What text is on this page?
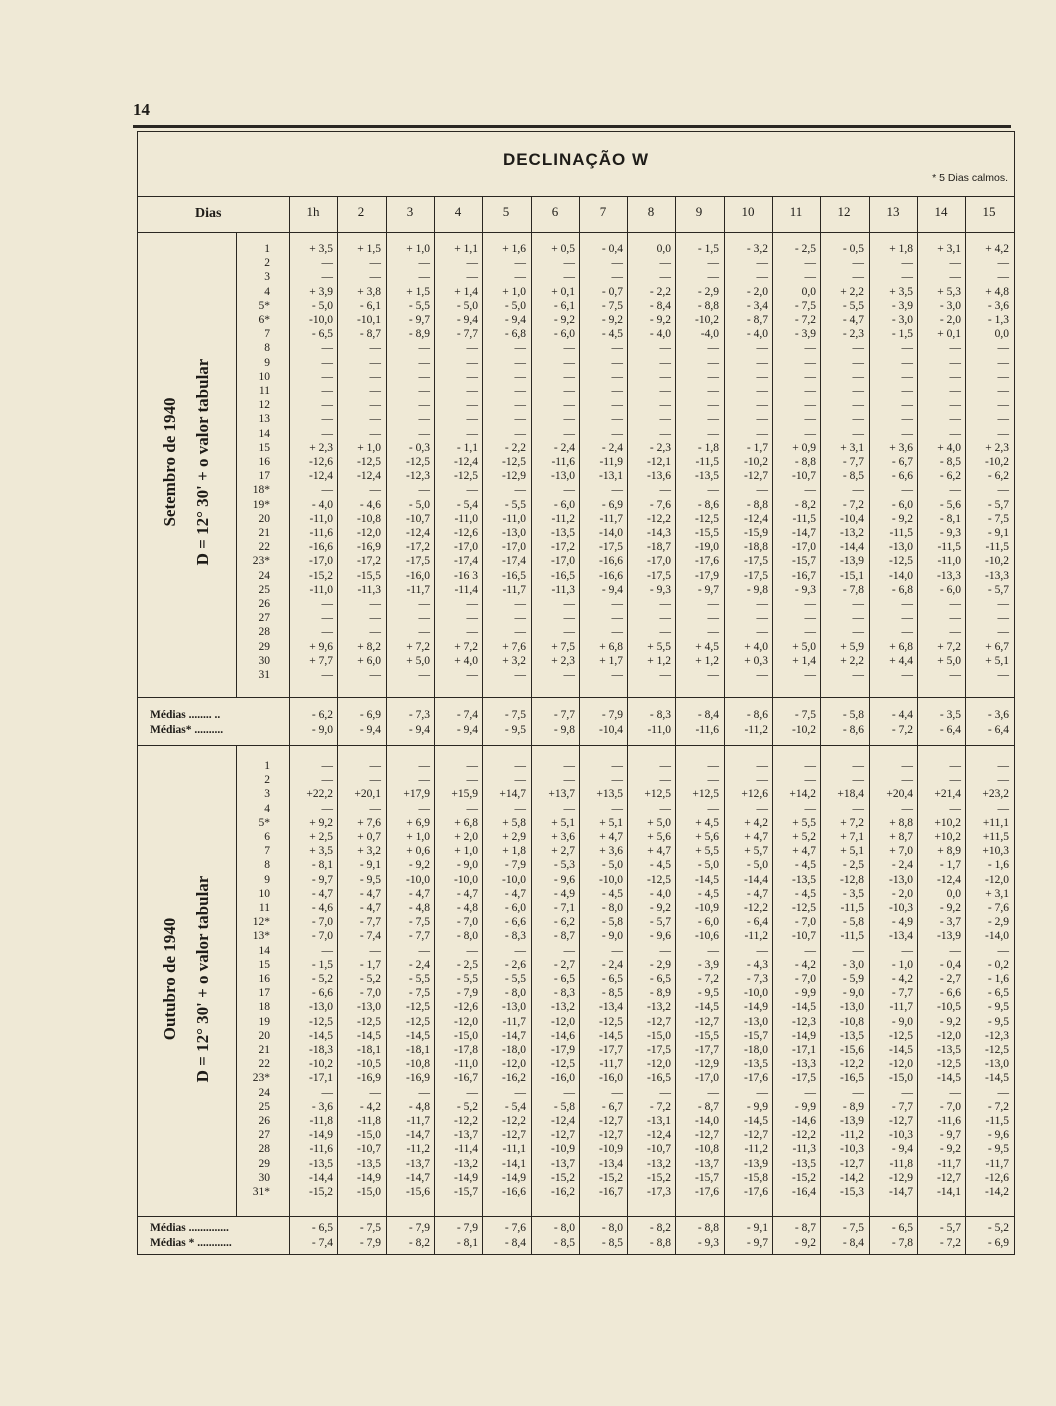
14
DECLINAÇÃO W
* 5 Dias calmos.
Dias	1h	2	3	4	5	6	7	8	9	10	11	12	13	14	15
Setembro de 1940 D = 12° 30' + o valor tabular
1	+ 3,5	+ 1,5	+ 1,0	+ 1,1	+ 1,6	+ 0,5	- 0,4	0,0	- 1,5	- 3,2	- 2,5	- 0,5	+ 1,8	+ 3,1	+ 4,2
2	—	—	—	—	—	—	—	—	—	—	—	—	—	—	—
3	—	—	—	—	—	—	—	—	—	—	—	—	—	—	—
4	+ 3,9	+ 3,8	+ 1,5	+ 1,4	+ 1,0	+ 0,1	- 0,7	- 2,2	- 2,9	- 2,0	0,0	+ 2,2	+ 3,5	+ 5,3	+ 4,8
5*	- 5,0	- 6,1	- 5,5	- 5,0	- 5,0	- 6,1	- 7,5	- 8,4	- 8,8	- 3,4	- 7,5	- 5,5	- 3,9	- 3,0	- 3,6
6*	-10,0	-10,1	- 9,7	- 9,4	- 9,4	- 9,2	- 9,2	- 9,2	-10,2	- 8,7	- 7,2	- 4,7	- 3,0	- 2,0	- 1,3
7	- 6,5	- 8,7	- 8,9	- 7,7	- 6,8	- 6,0	- 4,5	- 4,0	-4,0	- 4,0	- 3,9	- 2,3	- 1,5	+ 0,1	0,0
8	—	—	—	—	—	—	—	—	—	—	—	—	—	—	—
9	—	—	—	—	—	—	—	—	—	—	—	—	—	—	—
10	—	—	—	—	—	—	—	—	—	—	—	—	—	—	—
11	—	—	—	—	—	—	—	—	—	—	—	—	—	—	—
12	—	—	—	—	—	—	—	—	—	—	—	—	—	—	—
13	—	—	—	—	—	—	—	—	—	—	—	—	—	—	—
14	—	—	—	—	—	—	—	—	—	—	—	—	—	—	—
15	+ 2,3	+ 1,0	- 0,3	- 1,1	- 2,2	- 2,4	- 2,4	- 2,3	- 1,8	- 1,7	+ 0,9	+ 3,1	+ 3,6	+ 4,0	+ 2,3
16	-12,6	-12,5	-12,5	-12,4	-12,5	-11,6	-11,9	-12,1	-11,5	-10,2	- 8,8	- 7,7	- 6,7	- 8,5	-10,2
17	-12,4	-12,4	-12,3	-12,5	-12,9	-13,0	-13,1	-13,6	-13,5	-12,7	-10,7	- 8,5	- 6,6	- 6,2	- 6,2
18*	—	—	—	—	—	—	—	—	—	—	—	—	—	—	—
19*	- 4,0	- 4,6	- 5,0	- 5,4	- 5,5	- 6,0	- 6,9	- 7,6	- 8,6	- 8,8	- 8,2	- 7,2	- 6,0	- 5,6	- 5,7
20	-11,0	-10,8	-10,7	-11,0	-11,0	-11,2	-11,7	-12,2	-12,5	-12,4	-11,5	-10,4	- 9,2	- 8,1	- 7,5
21	-11,6	-12,0	-12,4	-12,6	-13,0	-13,5	-14,0	-14,3	-15,5	-15,9	-14,7	-13,2	-11,5	- 9,3	- 9,1
22	-16,6	-16,9	-17,2	-17,0	-17,0	-17,2	-17,5	-18,7	-19,0	-18,8	-17,0	-14,4	-13,0	-11,5	-11,5
23*	-17,0	-17,2	-17,5	-17,4	-17,4	-17,0	-16,6	-17,0	-17,6	-17,5	-15,7	-13,9	-12,5	-11,0	-10,2
24	-15,2	-15,5	-16,0	-16 3	-16,5	-16,5	-16,6	-17,5	-17,9	-17,5	-16,7	-15,1	-14,0	-13,3	-13,3
25	-11,0	-11,3	-11,7	-11,4	-11,7	-11,3	- 9,4	- 9,3	- 9,7	- 9,8	- 9,3	- 7,8	- 6,8	- 6,0	- 5,7
26	—	—	—	—	—	—	—	—	—	—	—	—	—	—	—
27	—	—	—	—	—	—	—	—	—	—	—	—	—	—	—
28	—	—	—	—	—	—	—	—	—	—	—	—	—	—	—
29	+ 9,6	+ 8,2	+ 7,2	+ 7,2	+ 7,6	+ 7,5	+ 6,8	+ 5,5	+ 4,5	+ 4,0	+ 5,0	+ 5,9	+ 6,8	+ 7,2	+ 6,7
30	+ 7,7	+ 6,0	+ 5,0	+ 4,0	+ 3,2	+ 2,3	+ 1,7	+ 1,2	+ 1,2	+ 0,3	+ 1,4	+ 2,2	+ 4,4	+ 5,0	+ 5,1
31	—	—	—	—	—	—	—	—	—	—	—	—	—	—	—
Médias ........ ..	- 6,2	- 6,9	- 7,3	- 7,4	- 7,5	- 7,7	- 7,9	- 8,3	- 8,4	- 8,6	- 7,5	- 5,8	- 4,4	- 3,5	- 3,6
Médias* ..........	- 9,0	- 9,4	- 9,4	- 9,4	- 9,5	- 9,8	-10,4	-11,0	-11,6	-11,2	-10,2	- 8,6	- 7,2	- 6,4	- 6,4
Outubro de 1940 D = 12° 30' + o valor tabular
1	—	—	—	—	—	—	—	—	—	—	—	—	—	—	—
2	—	—	—	—	—	—	—	—	—	—	—	—	—	—	—
3	+22,2	+20,1	+17,9	+15,9	+14,7	+13,7	+13,5	+12,5	+12,5	+12,6	+14,2	+18,4	+20,4	+21,4	+23,2
4	—	—	—	—	—	—	—	—	—	—	—	—	—	—	—
5*	+ 9,2	+ 7,6	+ 6,9	+ 6,8	+ 5,8	+ 5,1	+ 5,1	+ 5,0	+ 4,5	+ 4,2	+ 5,5	+ 7,2	+ 8,8	+10,2	+11,1
6	+ 2,5	+ 0,7	+ 1,0	+ 2,0	+ 2,9	+ 3,6	+ 4,7	+ 5,6	+ 5,6	+ 4,7	+ 5,2	+ 7,1	+ 8,7	+10,2	+11,5
7	+ 3,5	+ 3,2	+ 0,6	+ 1,0	+ 1,8	+ 2,7	+ 3,6	+ 4,7	+ 5,5	+ 5,7	+ 4,7	+ 5,1	+ 7,0	+ 8,9	+10,3
8	- 8,1	- 9,1	- 9,2	- 9,0	- 7,9	- 5,3	- 5,0	- 4,5	- 5,0	- 5,0	- 4,5	- 2,5	- 2,4	- 1,7	- 1,6
9	- 9,7	- 9,5	-10,0	-10,0	-10,0	- 9,6	-10,0	-12,5	-14,5	-14,4	-13,5	-12,8	-13,0	-12,4	-12,0
10	- 4,7	- 4,7	- 4,7	- 4,7	- 4,7	- 4,9	- 4,5	- 4,0	- 4,5	- 4,7	- 4,5	- 3,5	- 2,0	0,0	+ 3,1
11	- 4,6	- 4,7	- 4,8	- 4,8	- 6,0	- 7,1	- 8,0	- 9,2	-10,9	-12,2	-12,5	-11,5	-10,3	- 9,2	- 7,6
12*	- 7,0	- 7,7	- 7,5	- 7,0	- 6,6	- 6,2	- 5,8	- 5,7	- 6,0	- 6,4	- 7,0	- 5,8	- 4,9	- 3,7	- 2,9
13*	- 7,0	- 7,4	- 7,7	- 8,0	- 8,3	- 8,7	- 9,0	- 9,6	-10,6	-11,2	-10,7	-11,5	-13,4	-13,9	-14,0
14	—	—	—	—	—	—	—	—	—	—	—	—	—	—	—
15	- 1,5	- 1,7	- 2,4	- 2,5	- 2,6	- 2,7	- 2,4	- 2,9	- 3,9	- 4,3	- 4,2	- 3,0	- 1,0	- 0,4	- 0,2
16	- 5,2	- 5,2	- 5,5	- 5,5	- 5,5	- 6,5	- 6,5	- 6,5	- 7,2	- 7,3	- 7,0	- 5,9	- 4,2	- 2,7	- 1,6
17	- 6,6	- 7,0	- 7,5	- 7,9	- 8,0	- 8,3	- 8,5	- 8,9	- 9,5	-10,0	- 9,9	- 9,0	- 7,7	- 6,6	- 6,5
18	-13,0	-13,0	-12,5	-12,6	-13,0	-13,2	-13,4	-13,2	-14,5	-14,9	-14,5	-13,0	-11,7	-10,5	- 9,5
19	-12,5	-12,5	-12,5	-12,0	-11,7	-12,0	-12,5	-12,7	-12,7	-13,0	-12,3	-10,8	- 9,0	- 9,2	- 9,5
20	-14,5	-14,5	-14,5	-15,0	-14,7	-14,6	-14,5	-15,0	-15,5	-15,7	-14,9	-13,5	-12,5	-12,0	-12,3
21	-18,3	-18,1	-18,1	-17,8	-18,0	-17,9	-17,7	-17,5	-17,7	-18,0	-17,1	-15,6	-14,5	-13,5	-12,5
22	-10,2	-10,5	-10,8	-11,0	-12,0	-12,5	-11,7	-12,0	-12,9	-13,5	-13,3	-12,2	-12,0	-12,5	-13,0
23*	-17,1	-16,9	-16,9	-16,7	-16,2	-16,0	-16,0	-16,5	-17,0	-17,6	-17,5	-16,5	-15,0	-14,5	-14,5
24	—	—	—	—	—	—	—	—	—	—	—	—	—	—	—
25	- 3,6	- 4,2	- 4,8	- 5,2	- 5,4	- 5,8	- 6,7	- 7,2	- 8,7	- 9,9	- 9,9	- 8,9	- 7,7	- 7,0	- 7,2
26	-11,8	-11,8	-11,7	-12,2	-12,2	-12,4	-12,7	-13,1	-14,0	-14,5	-14,6	-13,9	-12,7	-11,6	-11,5
27	-14,9	-15,0	-14,7	-13,7	-12,7	-12,7	-12,7	-12,4	-12,7	-12,7	-12,2	-11,2	-10,3	- 9,7	- 9,6
28	-11,6	-10,7	-11,2	-11,4	-11,1	-10,9	-10,9	-10,7	-10,8	-11,2	-11,3	-10,3	- 9,4	- 9,2	- 9,5
29	-13,5	-13,5	-13,7	-13,2	-14,1	-13,7	-13,4	-13,2	-13,7	-13,9	-13,5	-12,7	-11,8	-11,7	-11,7
30	-14,4	-14,9	-14,7	-14,9	-14,9	-15,2	-15,2	-15,2	-15,7	-15,8	-15,2	-14,2	-12,9	-12,7	-12,6
31*	-15,2	-15,0	-15,6	-15,7	-16,6	-16,2	-16,7	-17,3	-17,6	-17,6	-16,4	-15,3	-14,7	-14,1	-14,2
Médias ..............	- 6,5	- 7,5	- 7,9	- 7,9	- 7,6	- 8,0	- 8,0	- 8,2	- 8,8	- 9,1	- 8,7	- 7,5	- 6,5	- 5,7	- 5,2
Médias * ............	- 7,4	- 7,9	- 8,2	- 8,1	- 8,4	- 8,5	- 8,5	- 8,8	- 9,3	- 9,7	- 9,2	- 8,4	- 7,8	- 7,2	- 6,9
